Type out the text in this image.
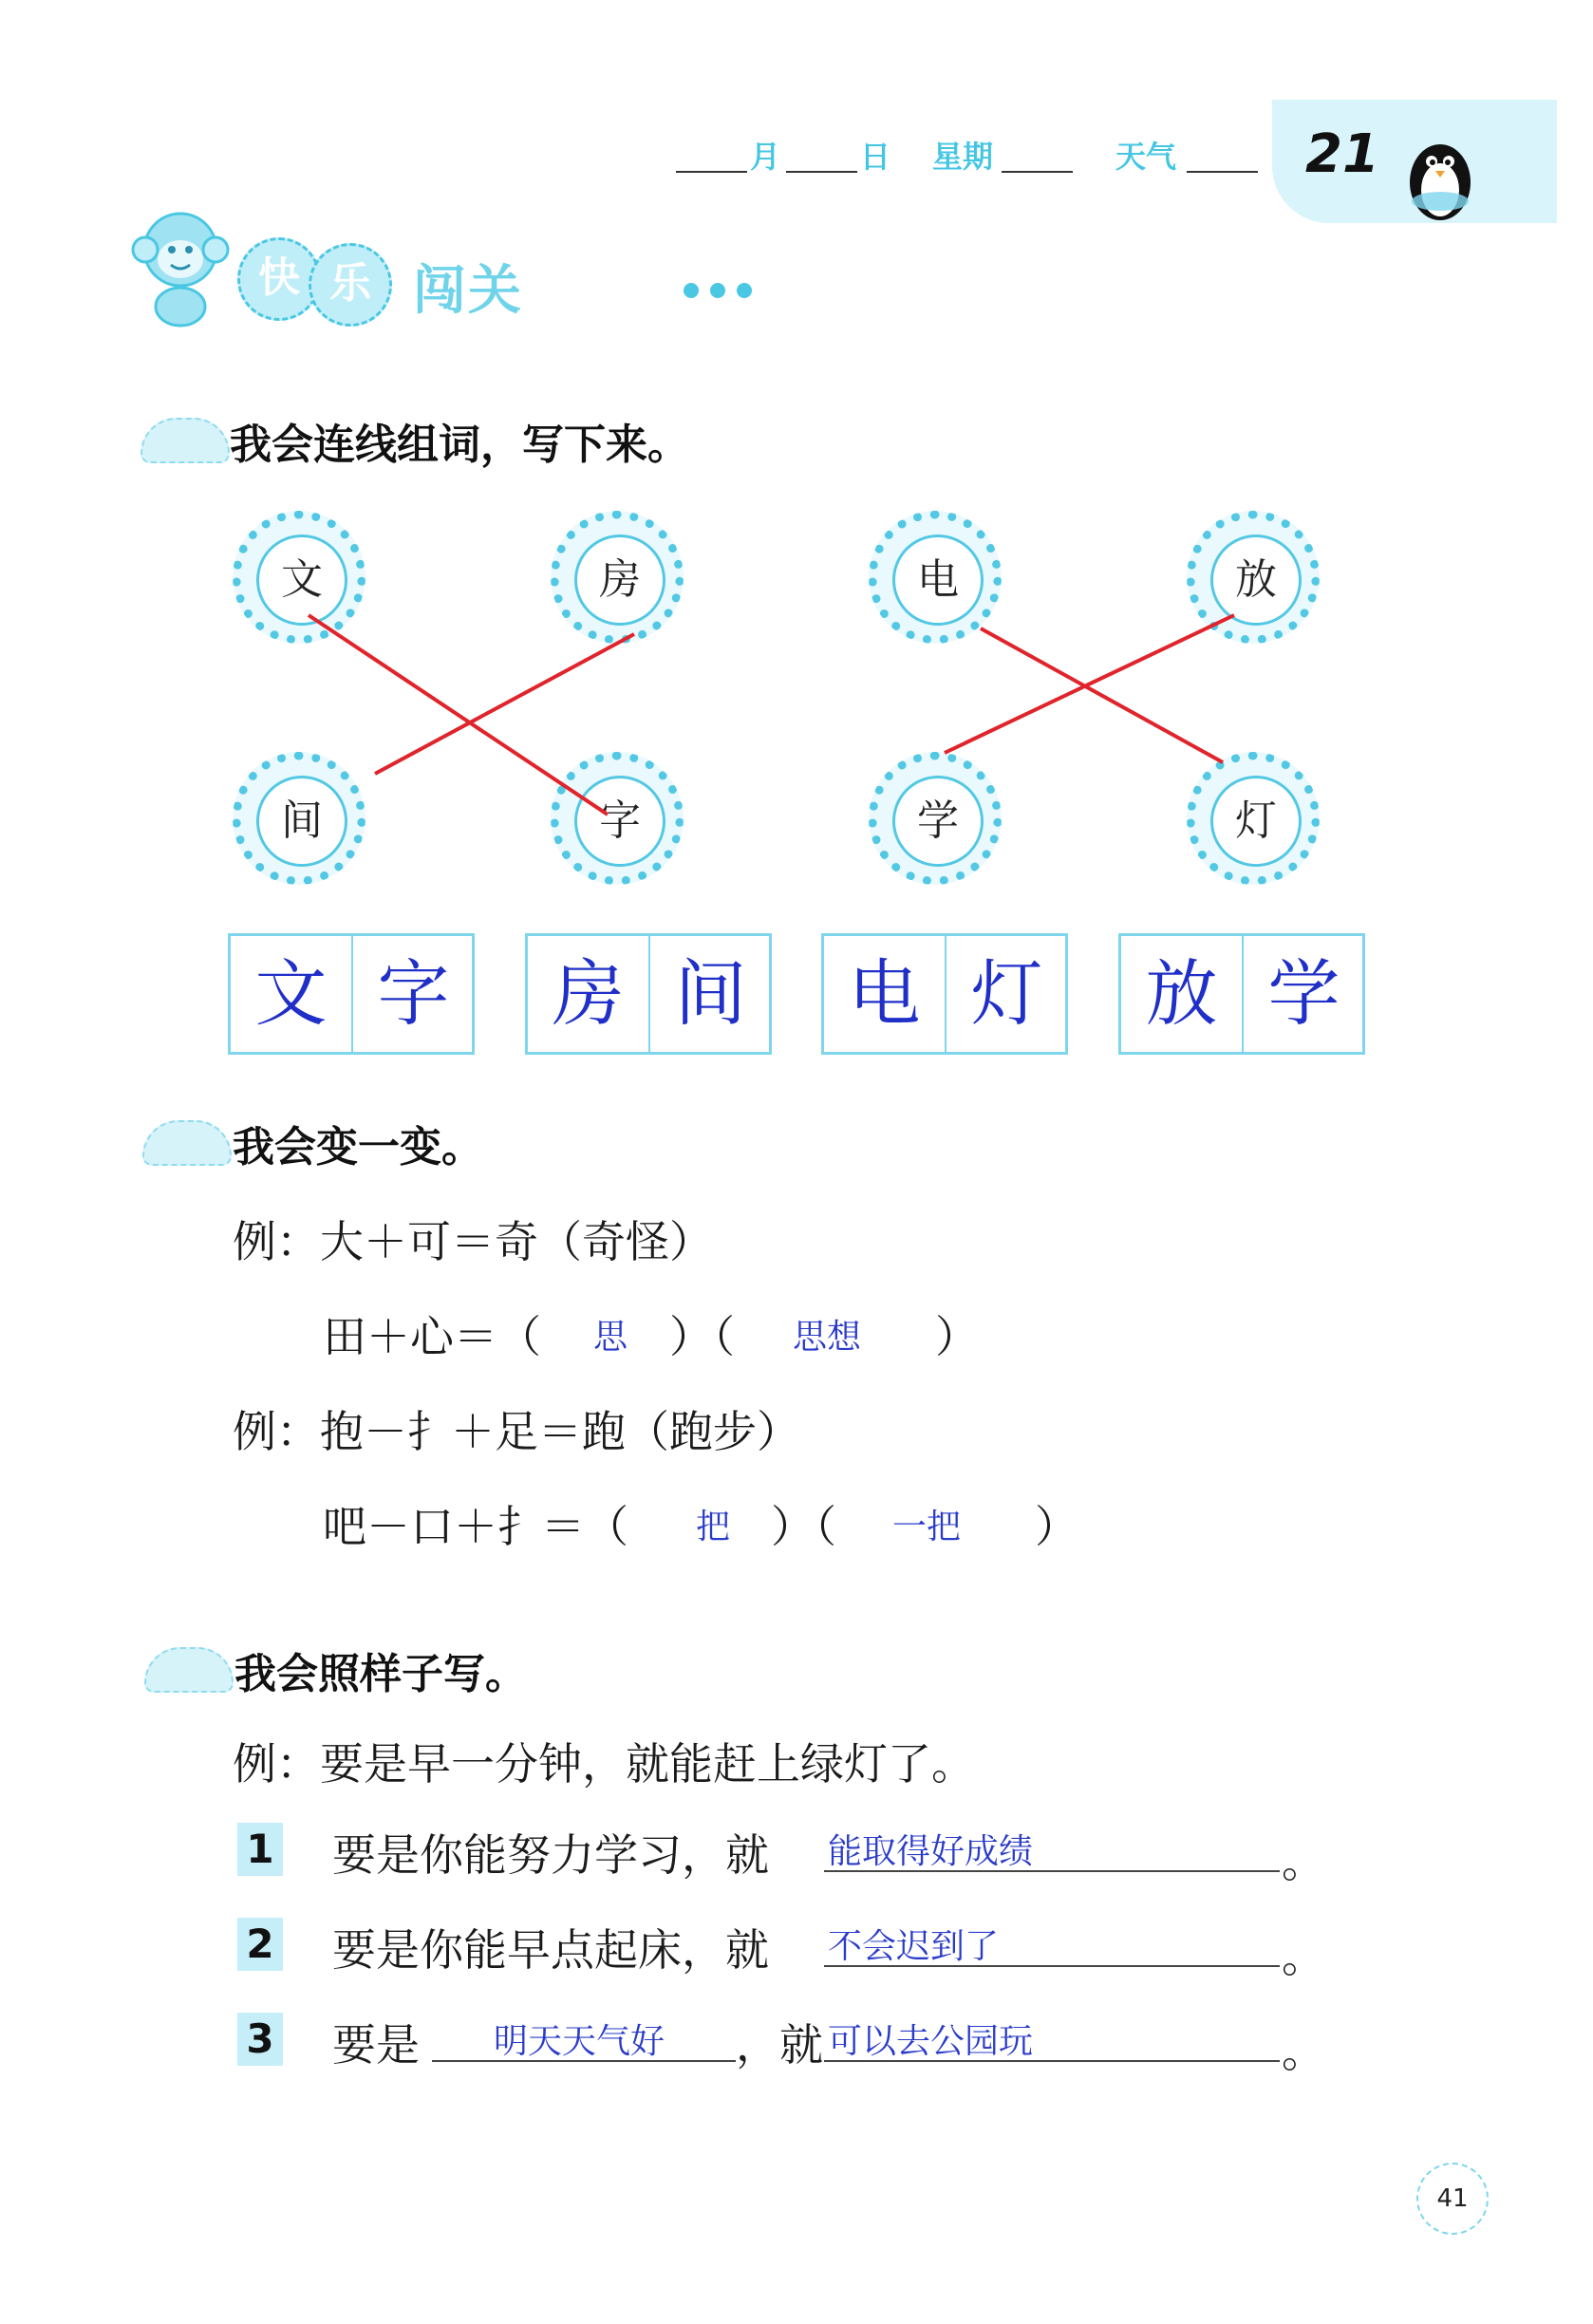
月	日 星期	天气 21
快 乐 闯关
我会连线组词，写下来。
文	房	电	放
间	字	学	灯
文 字	房 间	电 灯	放 学
我会变一变。
例：大＋可＝奇（奇怪）
田＋心＝（ 思 ）（ 思想 ）
例：抱－扌＋足＝跑（跑步）
吧－口＋扌＝（ 把 ）（ 一把 ）
我会照样子写。
例：要是早一分钟，就能赶上绿灯了。
1 要是你能努力学习，就 能取得好成绩	。
2 要是你能早点起床，就 不会迟到了	。
3 要是 明天天气好 ，就 可以去公园玩	。
41
